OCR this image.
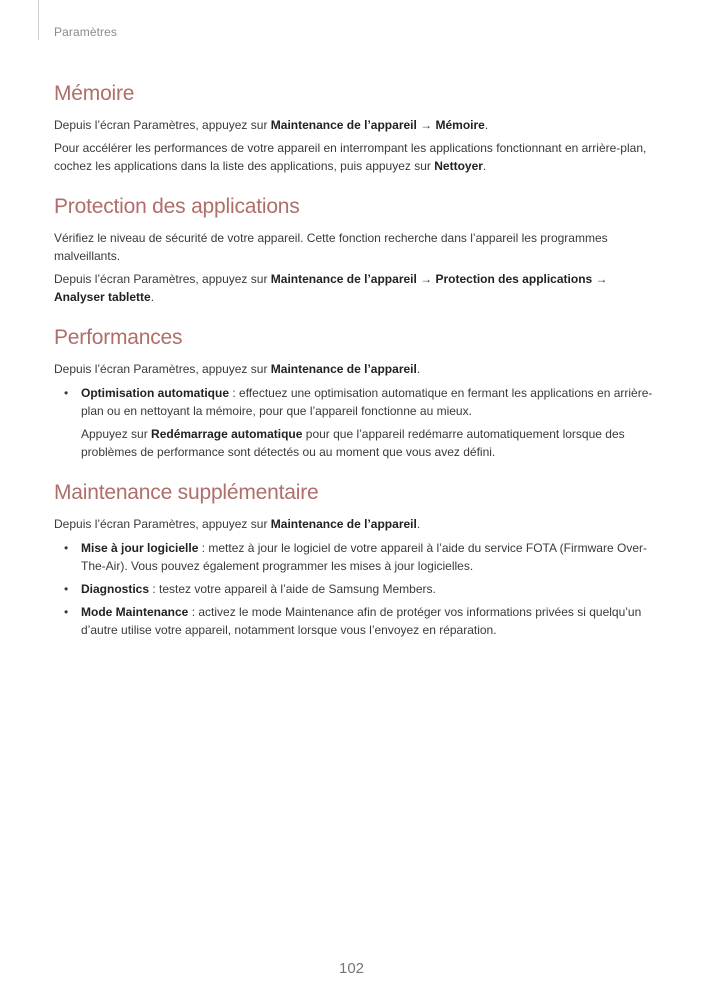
Paramètres
Mémoire

Depuis l’écran Paramètres, appuyez sur Maintenance de l’appareil → Mémoire.

Pour accélérer les performances de votre appareil en interrompant les applications fonctionnant en arrière-plan, cochez les applications dans la liste des applications, puis appuyez sur Nettoyer.

Protection des applications

Vérifiez le niveau de sécurité de votre appareil. Cette fonction recherche dans l’appareil les programmes malveillants.

Depuis l’écran Paramètres, appuyez sur Maintenance de l’appareil → Protection des applications → Analyser tablette.

Performances

Depuis l’écran Paramètres, appuyez sur Maintenance de l’appareil.

• Optimisation automatique : effectuez une optimisation automatique en fermant les applications en arrière-plan ou en nettoyant la mémoire, pour que l’appareil fonctionne au mieux.
Appuyez sur Redémarrage automatique pour que l’appareil redémarre automatiquement lorsque des problèmes de performance sont détectés ou au moment que vous avez défini.
Maintenance supplémentaire

Depuis l’écran Paramètres, appuyez sur Maintenance de l’appareil.

• Mise à jour logicielle : mettez à jour le logiciel de votre appareil à l’aide du service FOTA (Firmware Over-The-Air). Vous pouvez également programmer les mises à jour logicielles.
• Diagnostics : testez votre appareil à l’aide de Samsung Members.
• Mode Maintenance : activez le mode Maintenance afin de protéger vos informations privées si quelqu’un d’autre utilise votre appareil, notamment lorsque vous l’envoyez en réparation.
102
